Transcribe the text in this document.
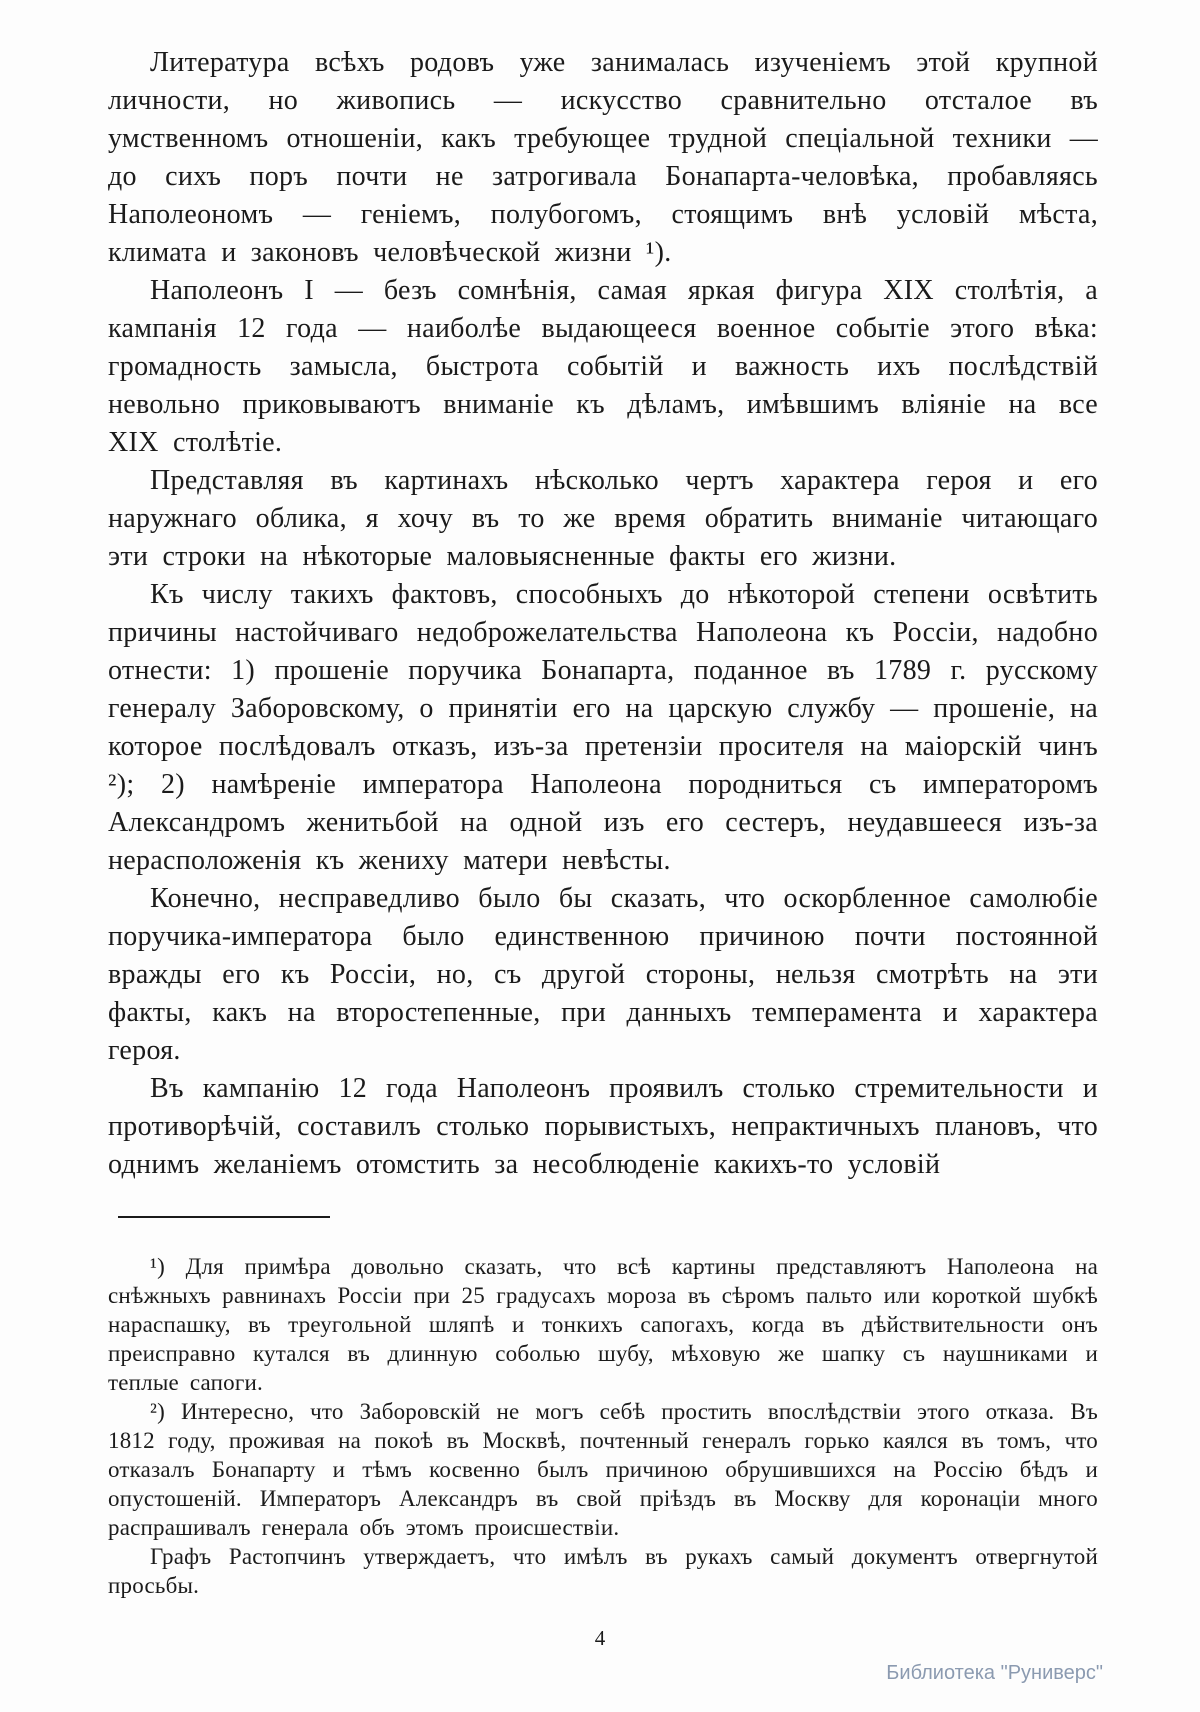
Литература всѣхъ родовъ уже занималась изученіемъ этой крупной личности, но живопись — искусство сравнительно отсталое въ умственномъ отношеніи, какъ требующее трудной спеціальной техники — до сихъ поръ почти не затрогивала Бонапарта-человѣка, пробавляясь Наполеономъ — геніемъ, полубогомъ, стоящимъ внѣ условій мѣста, климата и законовъ человѣческой жизни ¹).

Наполеонъ I — безъ сомнѣнія, самая яркая фигура XIX столѣтія, а кампанія 12 года — наиболѣе выдающееся военное событіе этого вѣка: громадность замысла, быстрота событій и важность ихъ послѣдствій невольно приковываютъ вниманіе къ дѣламъ, имѣвшимъ вліяніе на все XIX столѣтіе.

Представляя въ картинахъ нѣсколько чертъ характера героя и его наружнаго облика, я хочу въ то же время обратить вниманіе читающаго эти строки на нѣкоторые маловыясненные факты его жизни.

Къ числу такихъ фактовъ, способныхъ до нѣкоторой степени освѣтить причины настойчиваго недоброжелательства Наполеона къ Россіи, надобно отнести: 1) прошеніе поручика Бонапарта, поданное въ 1789 г. русскому генералу Заборовскому, о принятіи его на царскую службу — прошеніе, на которое послѣдовалъ отказъ, изъ-за претензіи просителя на маіорскій чинъ ²); 2) намѣреніе императора Наполеона породниться съ императоромъ Александромъ женитьбой на одной изъ его сестеръ, неудавшееся изъ-за нерасположенія къ жениху матери невѣсты.

Конечно, несправедливо было бы сказать, что оскорбленное самолюбіе поручика-императора было единственною причиною почти постоянной вражды его къ Россіи, но, съ другой стороны, нельзя смотрѣть на эти факты, какъ на второстепенные, при данныхъ темперамента и характера героя.

Въ кампанію 12 года Наполеонъ проявилъ столько стремительности и противорѣчій, составилъ столько порывистыхъ, непрактичныхъ плановъ, что однимъ желаніемъ отомстить за несоблюденіе какихъ-то условій

¹) Для примѣра довольно сказать, что всѣ картины представляютъ Наполеона на снѣжныхъ равнинахъ Россіи при 25 градусахъ мороза въ сѣромъ пальто или короткой шубкѣ нараспашку, въ треугольной шляпѣ и тонкихъ сапогахъ, когда въ дѣйствительности онъ преисправно кутался въ длинную соболью шубу, мѣховую же шапку съ наушниками и теплые сапоги.

²) Интересно, что Заборовскій не могъ себѣ простить впослѣдствіи этого отказа. Въ 1812 году, проживая на покоѣ въ Москвѣ, почтенный генералъ горько каялся въ томъ, что отказалъ Бонапарту и тѣмъ косвенно былъ причиною обрушившихся на Россію бѣдъ и опустошеній. Императоръ Александръ въ свой пріѣздъ въ Москву для коронаціи много распрашивалъ генерала объ этомъ происшествіи.

Графъ Растопчинъ утверждаетъ, что имѣлъ въ рукахъ самый документъ отвергнутой просьбы.

4
Библиотека "Руниверс"
